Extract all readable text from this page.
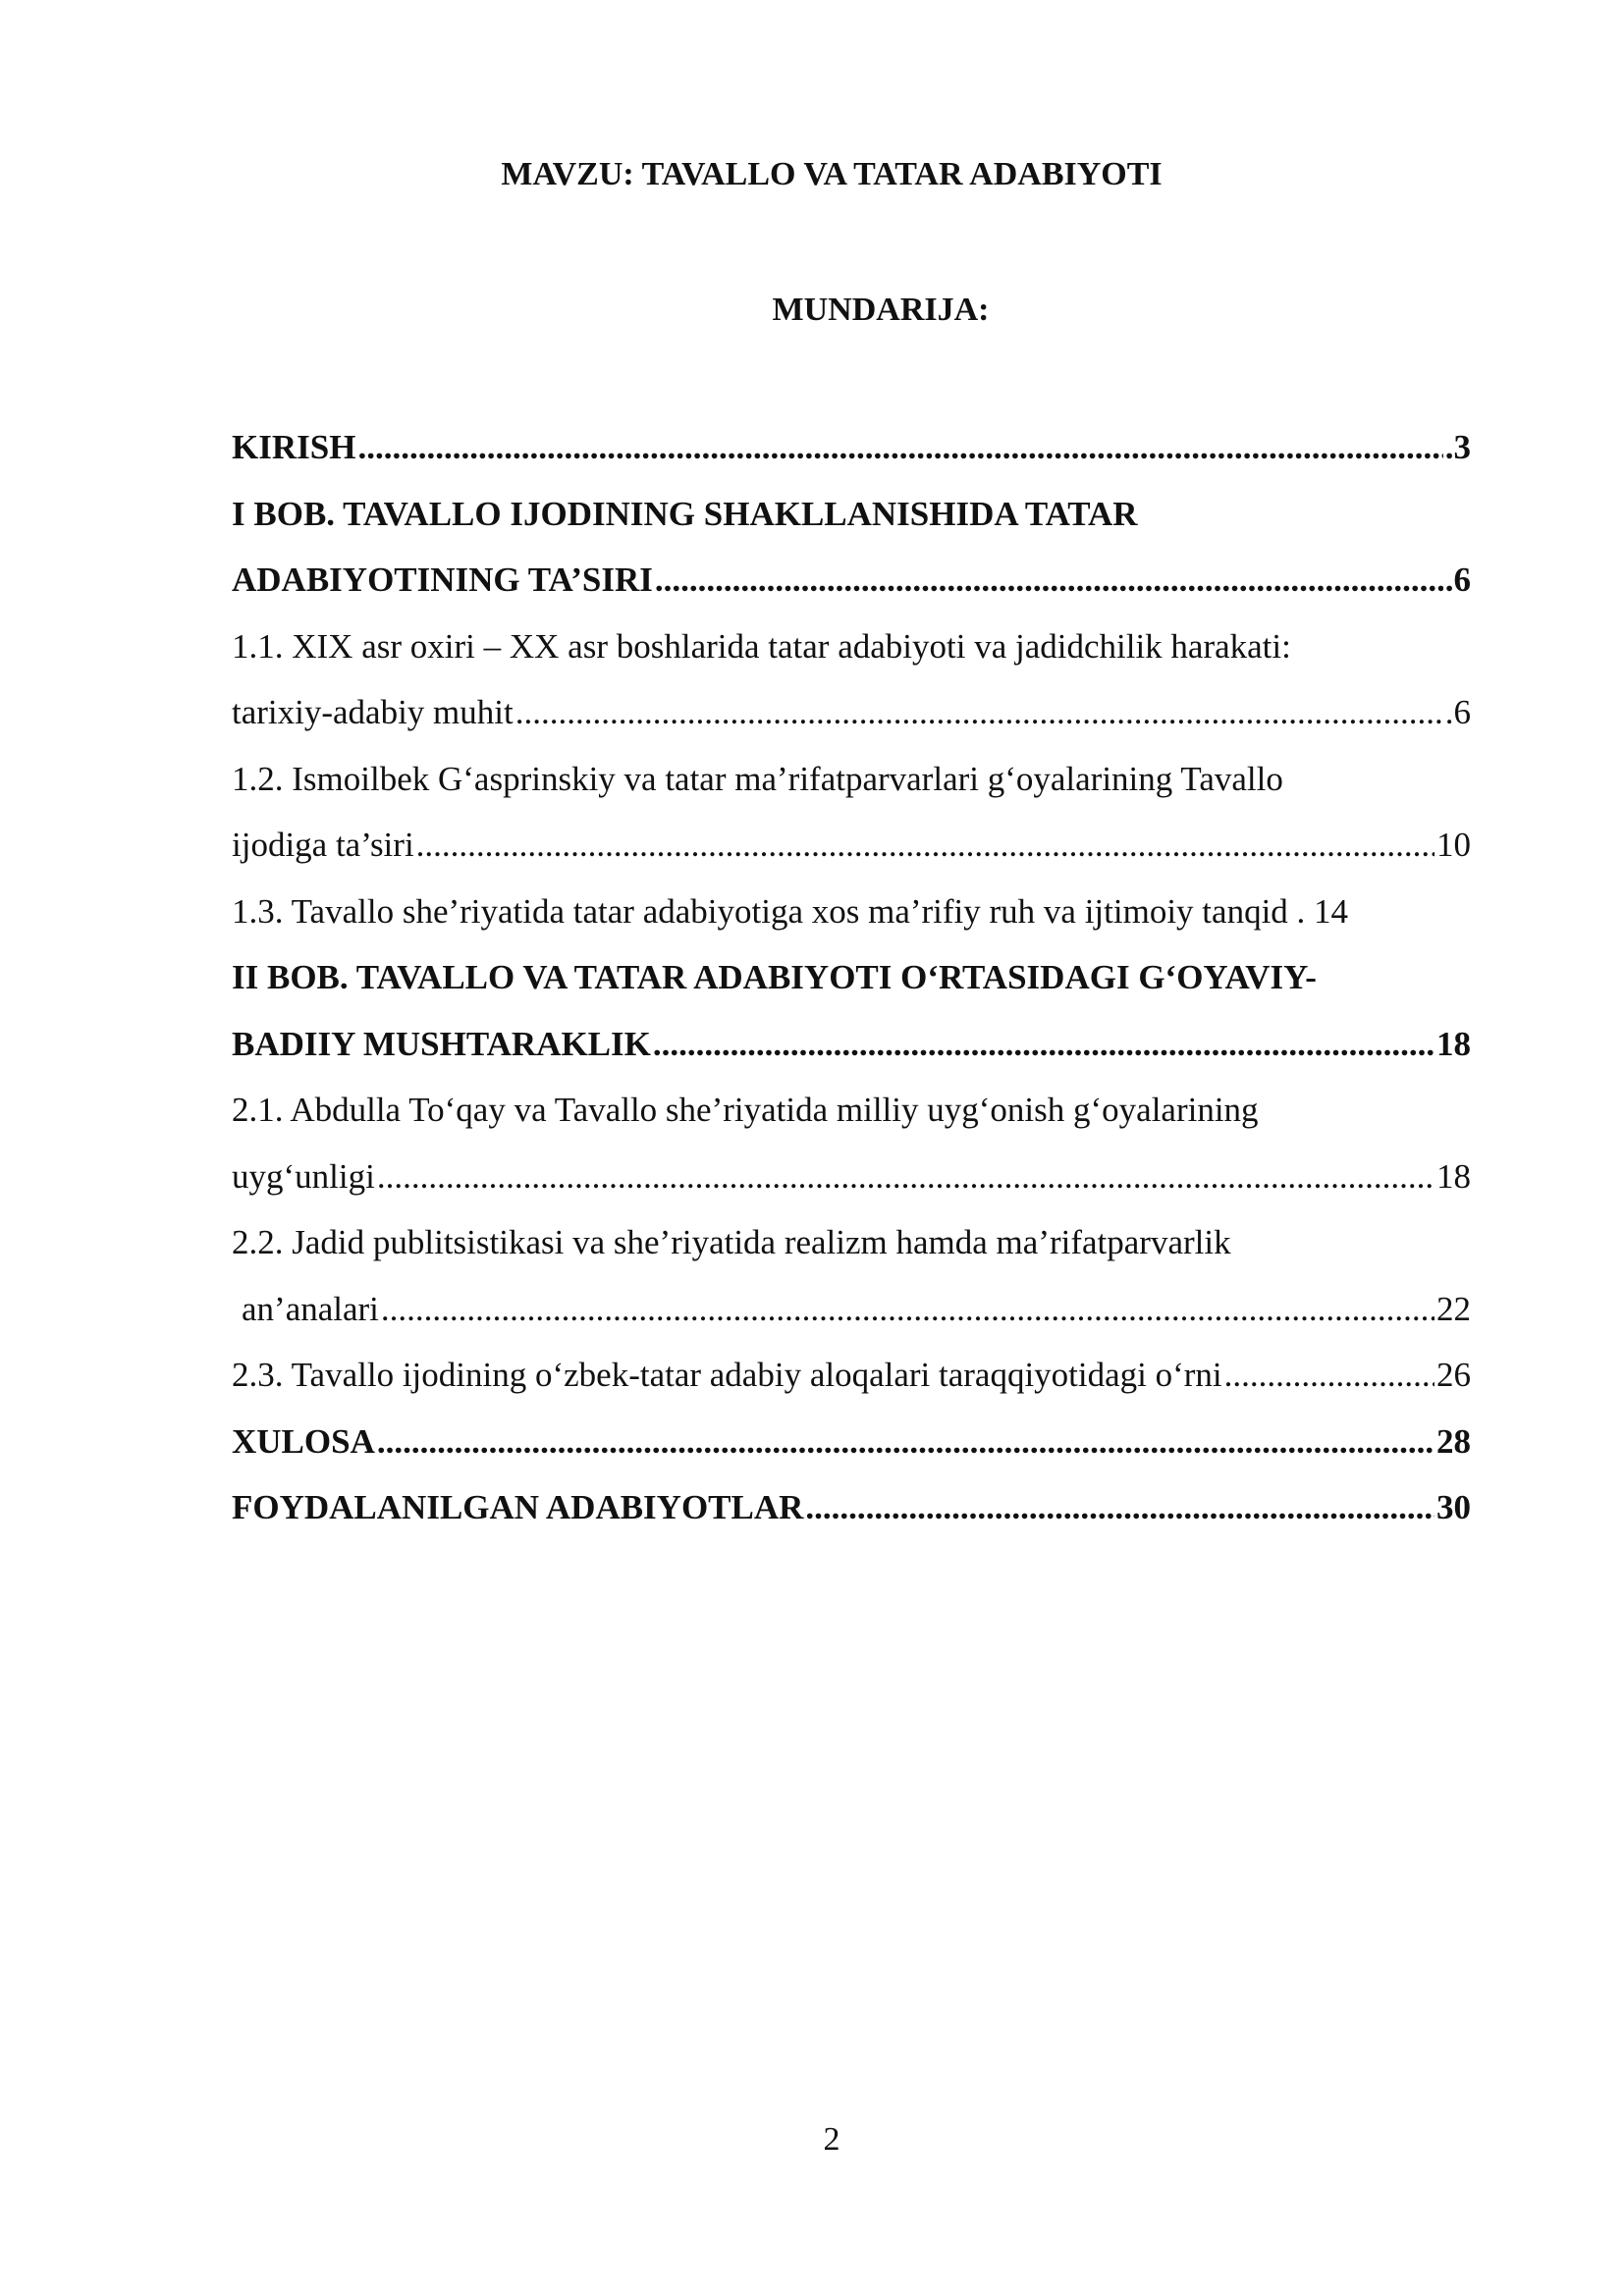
MAVZU: TAVALLO VA TATAR ADABIYOTI
MUNDARIJA:
KIRISH .....	.3
I BOB. TAVALLO IJODINING SHAKLLANISHIDA TATAR
ADABIYOTINING TA’SIRI .....	.6
1.1. XIX asr oxiri – XX asr boshlarida tatar adabiyoti va jadidchilik harakati:
tarixiy-adabiy muhit .....	.6
1.2. Ismoilbek G‘asprinskiy va tatar ma’rifatparvarlari g‘oyalarining Tavallo
ijodiga ta’siri .....	10
1.3. Tavallo she’riyatida tatar adabiyotiga xos ma’rifiy ruh va ijtimoiy tanqid . 14
II BOB. TAVALLO VA TATAR ADABIYOTI O‘RTASIDAGI G‘OYAVIY-
BADIIY MUSHTARAKLIK .....	18
2.1. Abdulla To‘qay va Tavallo she’riyatida milliy uyg‘onish g‘oyalarining
uyg‘unligi .....	18
2.2. Jadid publitsistikasi va she’riyatida realizm hamda ma’rifatparvarlik
an’analari .....	22
2.3. Tavallo ijodining o‘zbek-tatar adabiy aloqalari taraqqiyotidagi o‘rni .....	26
XULOSA .....	28
FOYDALANILGAN ADABIYOTLAR .....	30
2
